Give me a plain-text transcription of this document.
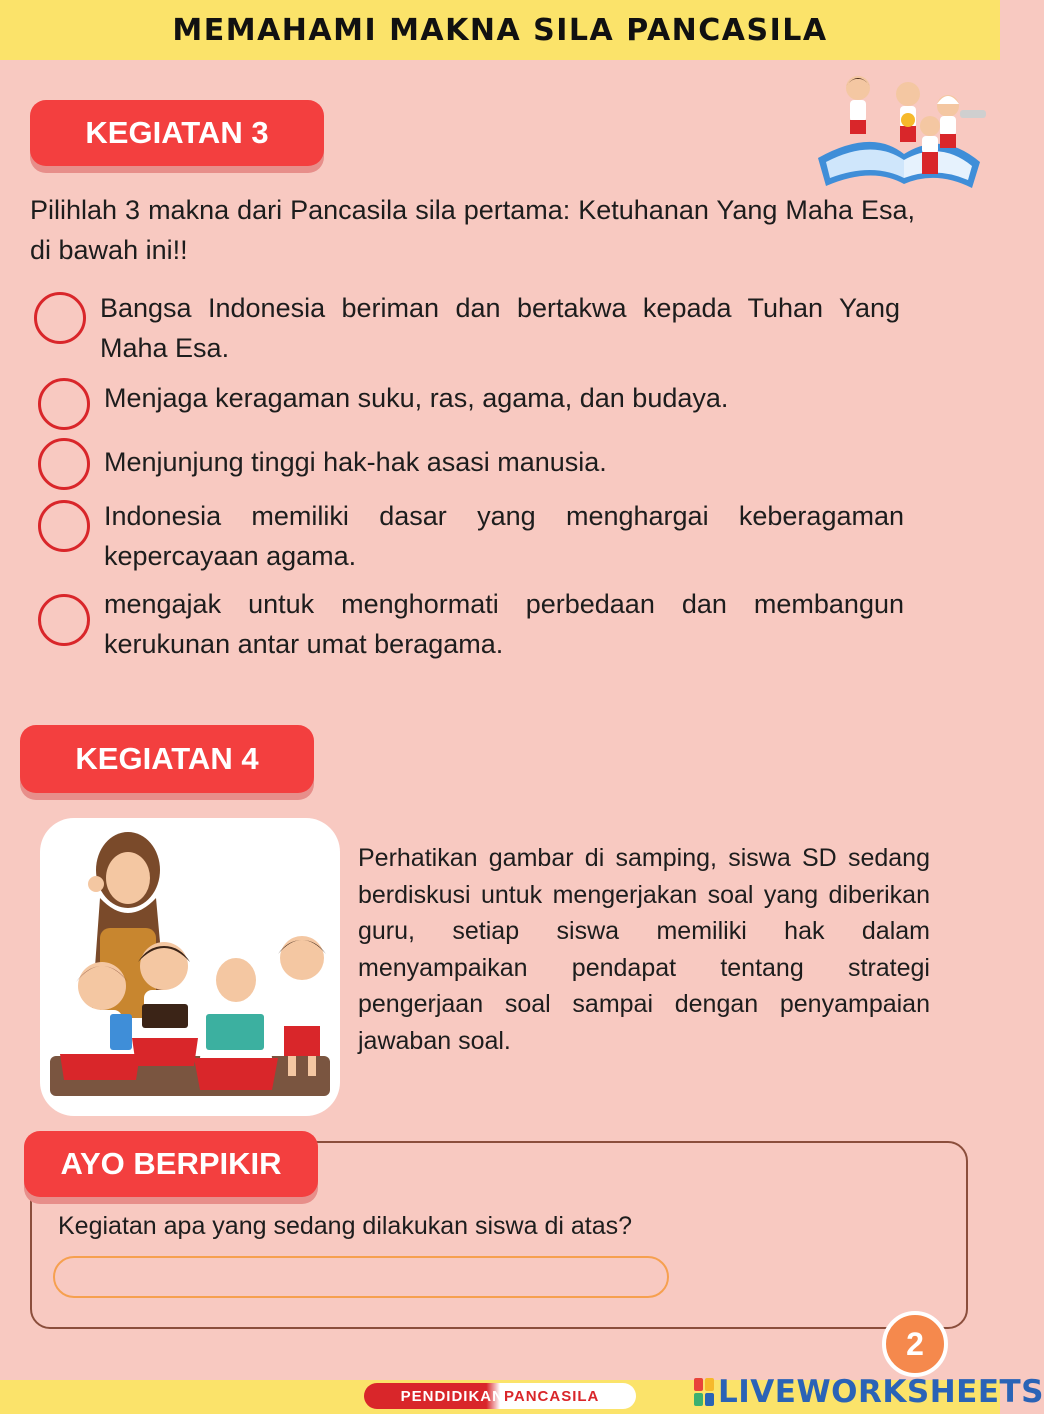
MEMAHAMI MAKNA SILA PANCASILA
KEGIATAN 3

Pilihlah 3 makna dari Pancasila sila pertama: Ketuhanan Yang Maha Esa, di bawah ini!!

Bangsa Indonesia beriman dan bertakwa kepada Tuhan Yang Maha Esa.
Menjaga keragaman suku, ras, agama, dan budaya.
Menjunjung tinggi hak-hak asasi manusia.
Indonesia memiliki dasar yang menghargai keberagaman kepercayaan agama.
mengajak untuk menghormati perbedaan dan membangun kerukunan antar umat beragama.
KEGIATAN 4

Perhatikan gambar di samping, siswa SD sedang berdiskusi untuk mengerjakan soal yang diberikan guru, setiap siswa memiliki hak dalam menyampaikan pendapat tentang strategi pengerjaan soal sampai dengan penyampaian jawaban soal.

AYO BERPIKIR

Kegiatan apa yang sedang dilakukan siswa di atas?

2
PENDIDIKAN PANCASILA	LIVEWORKSHEETS
